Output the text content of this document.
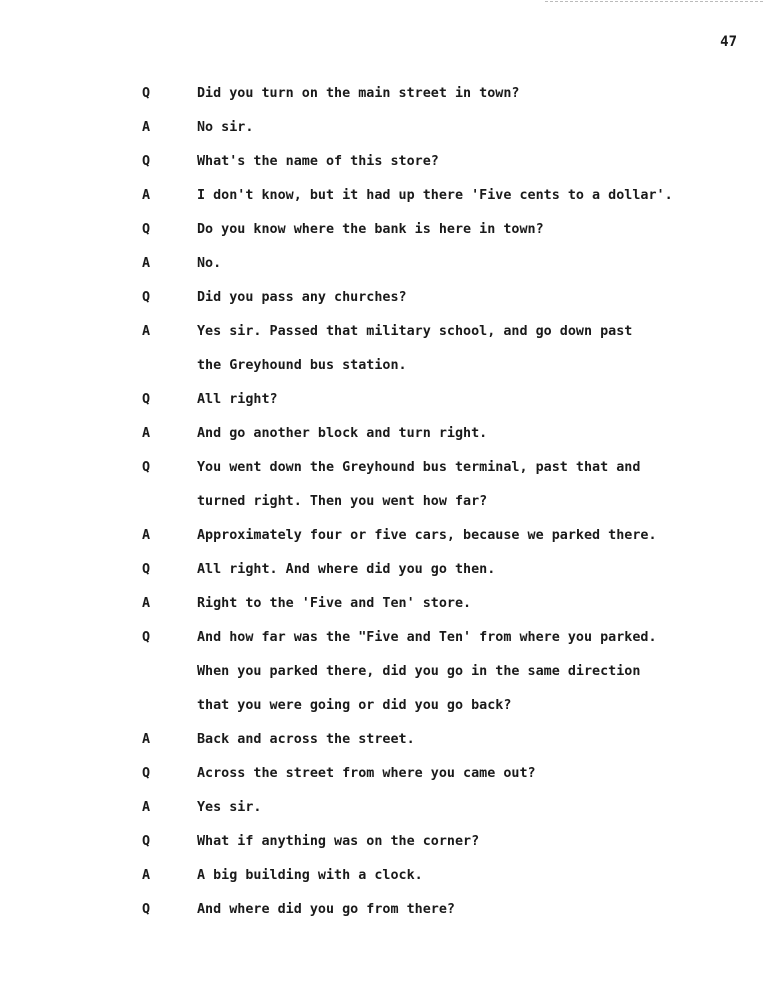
47
Q	Did you turn on the main street in town?
A	No sir.
Q	What's the name of this store?
A	I don't know, but it had up there 'Five cents to a dollar'.
Q	Do you know where the bank is here in town?
A	No.
Q	Did you pass any churches?
A	Yes sir. Passed that military school, and go down past
the Greyhound bus station.
Q	All right?
A	And go another block and turn right.
Q	You went down the Greyhound bus terminal, past that and
turned right. Then you went how far?
A	Approximately four or five cars, because we parked there.
Q	All right. And where did you go then.
A	Right to the 'Five and Ten' store.
Q	And how far was the "Five and Ten' from where you parked.
When you parked there, did you go in the same direction
that you were going or did you go back?
A	Back and across the street.
Q	Across the street from where you came out?
A	Yes sir.
Q	What if anything was on the corner?
A	A big building with a clock.
Q	And where did you go from there?
